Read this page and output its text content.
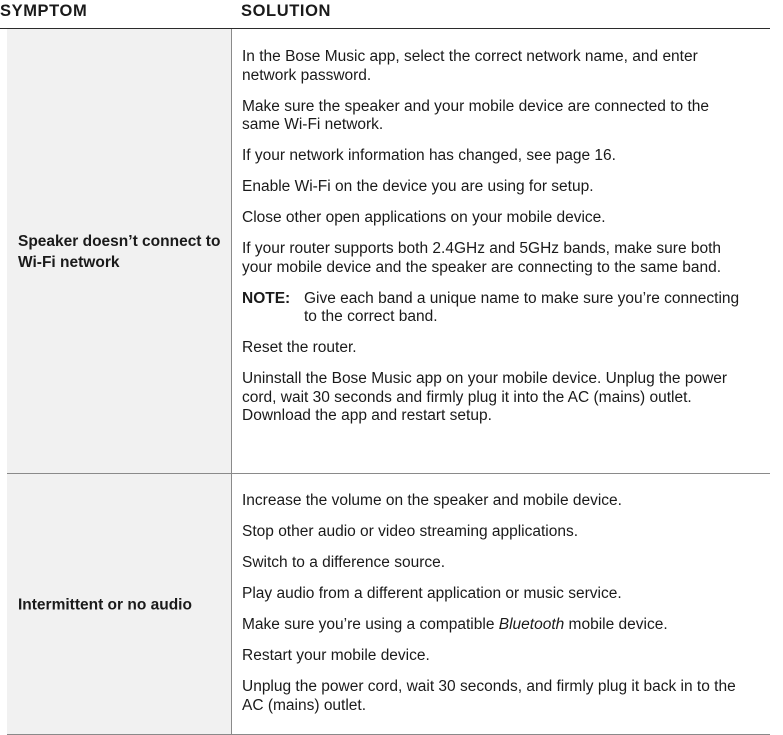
SYMPTOM	SOLUTION
Speaker doesn’t connect to Wi-Fi network

In the Bose Music app, select the correct network name, and enter network password.

Make sure the speaker and your mobile device are connected to the same Wi-Fi network.

If your network information has changed, see page 16.

Enable Wi-Fi on the device you are using for setup.

Close other open applications on your mobile device.

If your router supports both 2.4GHz and 5GHz bands, make sure both your mobile device and the speaker are connecting to the same band.

NOTE: Give each band a unique name to make sure you’re connecting to the correct band.

Reset the router.

Uninstall the Bose Music app on your mobile device. Unplug the power cord, wait 30 seconds and firmly plug it into the AC (mains) outlet. Download the app and restart setup.

Intermittent or no audio

Increase the volume on the speaker and mobile device.

Stop other audio or video streaming applications.

Switch to a difference source.

Play audio from a different application or music service.

Make sure you’re using a compatible Bluetooth mobile device.

Restart your mobile device.

Unplug the power cord, wait 30 seconds, and firmly plug it back in to the AC (mains) outlet.
